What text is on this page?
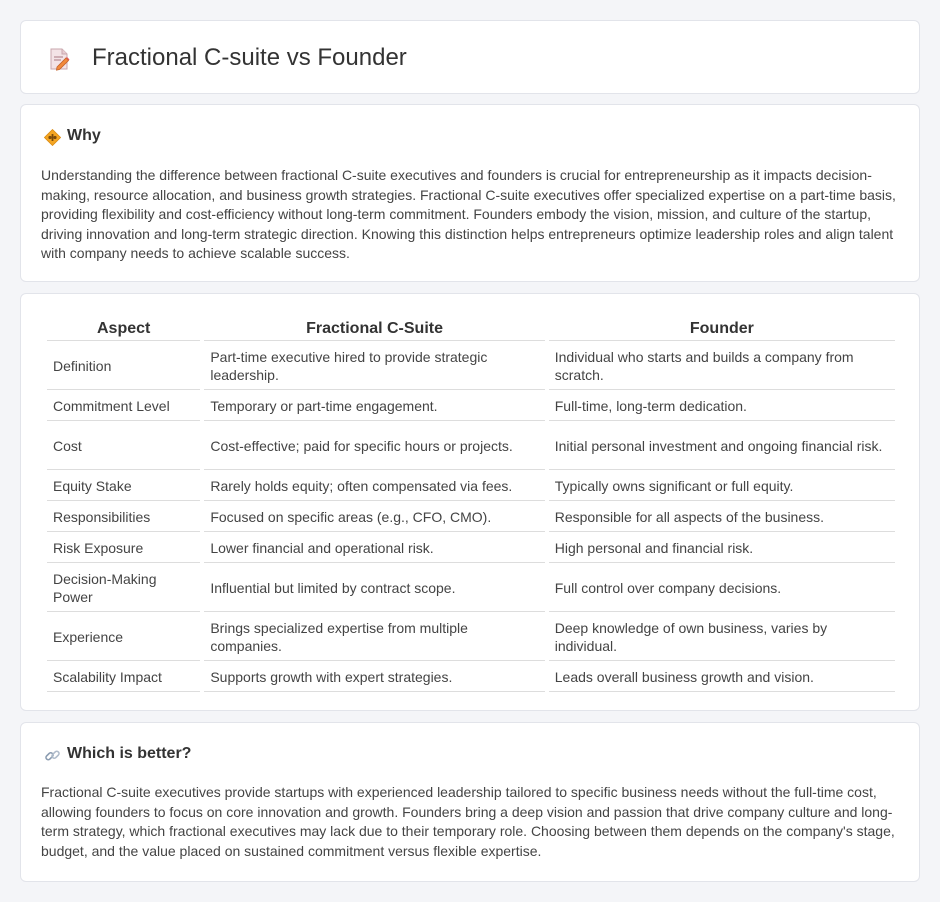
Fractional C-suite vs Founder
Why

Understanding the difference between fractional C-suite executives and founders is crucial for entrepreneurship as it impacts decision-making, resource allocation, and business growth strategies. Fractional C-suite executives offer specialized expertise on a part-time basis, providing flexibility and cost-efficiency without long-term commitment. Founders embody the vision, mission, and culture of the startup, driving innovation and long-term strategic direction. Knowing this distinction helps entrepreneurs optimize leadership roles and align talent with company needs to achieve scalable success.

Aspect	Fractional C-Suite	Founder
Definition	Part-time executive hired to provide strategic leadership.	Individual who starts and builds a company from scratch.
Commitment Level	Temporary or part-time engagement.	Full-time, long-term dedication.
Cost	Cost-effective; paid for specific hours or projects.	Initial personal investment and ongoing financial risk.
Equity Stake	Rarely holds equity; often compensated via fees.	Typically owns significant or full equity.
Responsibilities	Focused on specific areas (e.g., CFO, CMO).	Responsible for all aspects of the business.
Risk Exposure	Lower financial and operational risk.	High personal and financial risk.
Decision-Making Power	Influential but limited by contract scope.	Full control over company decisions.
Experience	Brings specialized expertise from multiple companies.	Deep knowledge of own business, varies by individual.
Scalability Impact	Supports growth with expert strategies.	Leads overall business growth and vision.
Which is better?

Fractional C-suite executives provide startups with experienced leadership tailored to specific business needs without the full-time cost, allowing founders to focus on core innovation and growth. Founders bring a deep vision and passion that drive company culture and long-term strategy, which fractional executives may lack due to their temporary role. Choosing between them depends on the company's stage, budget, and the value placed on sustained commitment versus flexible expertise.
